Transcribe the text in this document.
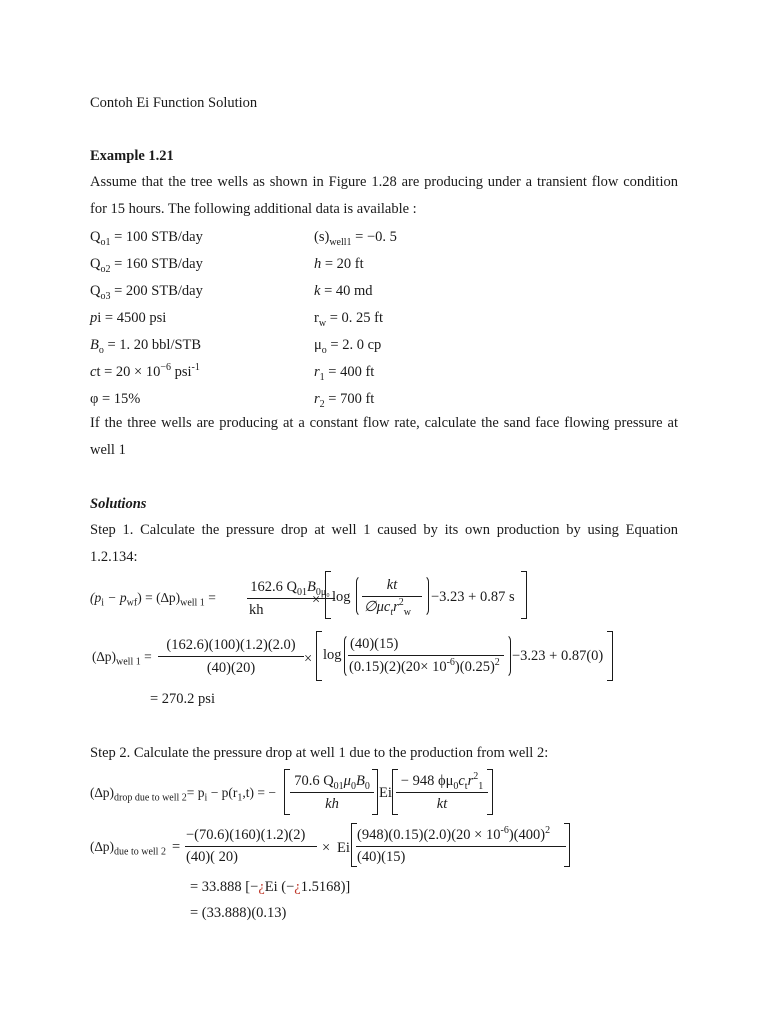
Contoh Ei Function Solution
Example 1.21
Assume that the tree wells as shown in Figure 1.28 are producing under a transient flow condition for 15 hours. The following additional data is available :
$Q_{o1} = 100$ STB/day
$Q_{o2} = 160$ STB/day
$Q_{o3} = 200$ STB/day
pi = 4500 psi
$B_o = 1$. 20 bbl/STB
ct = $20 \times 10^{-6}$ psi$^{-1}$
φ = 15%
$(s)_{well1} = -0$. 5
h = 20 ft
k = 40 md
$r_w = 0$. 25 ft
$\mu_o = 2$. 0 cp
$r_1 = 400$ ft
$r_2 = 700$ ft
If the three wells are producing at a constant flow rate, calculate the sand face flowing pressure at well 1
Solutions
Step 1. Calculate the pressure drop at well 1 caused by its own production by using Equation 1.2.134:
$(p_i - p_{wf}) = (\Delta p)_{well 1}$ =
162.6 $Q_{01}B_{0\mu_0}$
kh
× log
kt
$\emptyset\mu c_tr^2_w$
−3.23 + 0.87 s
$(\Delta p)_{well 1}$ =
(162.6)(100)(1.2)(2.0)
(40)(20)
× log
(40)(15)
$(0.15)(2)(20\times 10^{-6})(0.25)^2 -3.23 + 0.87(0)$
= 270.2 psi
Step 2. Calculate the pressure drop at well 1 due to the production from well 2:
$(\Delta p)_{drop due to well 2}= p_i - p(r_1,t)$ = −
70.6 $Q_{01}\mu_0B_0$
kh
Ei
− 948 $\phi\mu_0c_tr^2_1$
kt
$(\Delta p)_{due to well 2}$ =
−(70.6)(160)(1.2)(2)
(40)( 20)
× Ei
$(948)(0.15)(2.0)(20 \times 10^{-6})(400)^2$
(40)(15)
= 33.888 [−¿Ei (−¿1.5168)]
= (33.888)(0.13)
